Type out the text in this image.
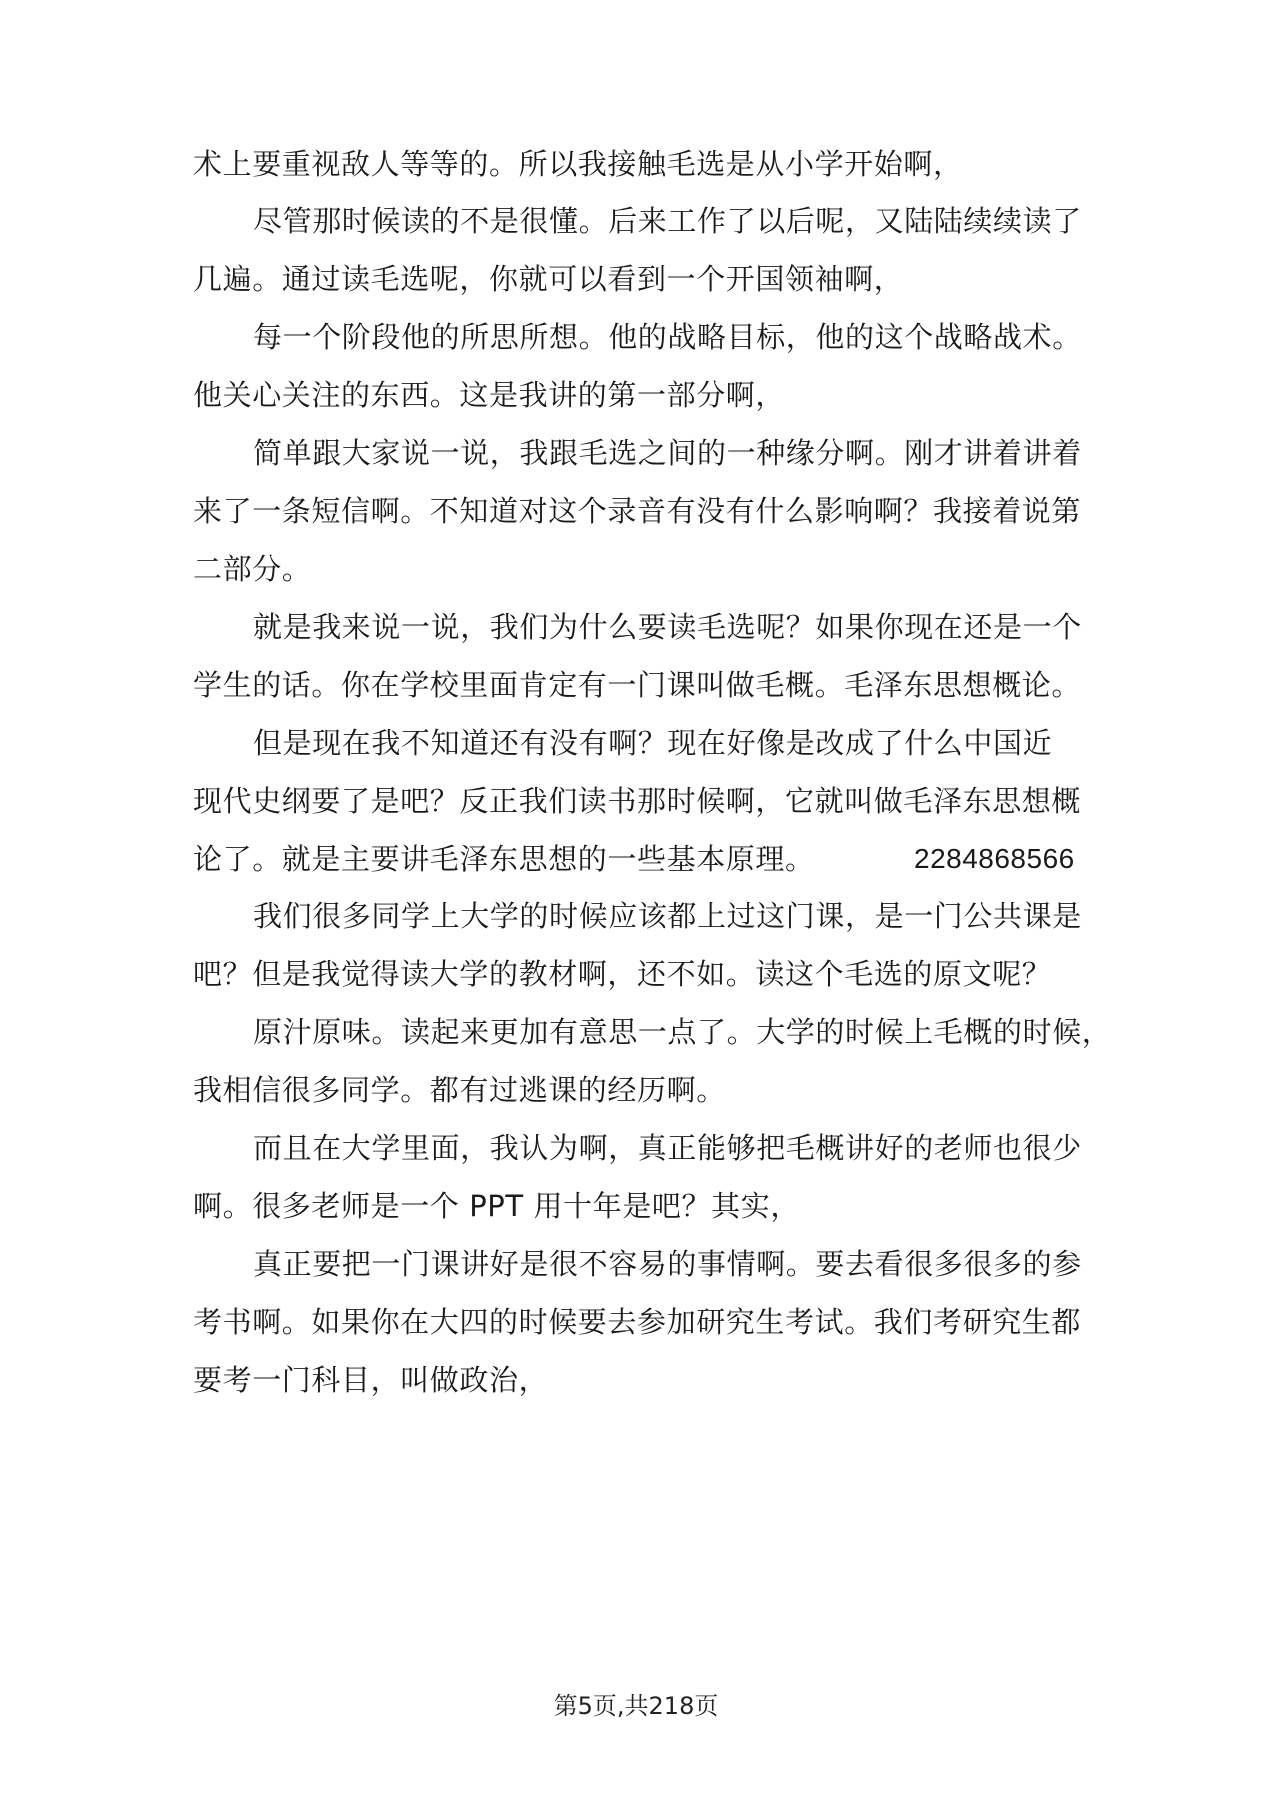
术上要重视敌人等等的。所以我接触毛选是从小学开始啊，
尽管那时候读的不是很懂。后来工作了以后呢，又陆陆续续读了
几遍。通过读毛选呢，你就可以看到一个开国领袖啊，
每一个阶段他的所思所想。他的战略目标，他的这个战略战术。
他关心关注的东西。这是我讲的第一部分啊，
简单跟大家说一说，我跟毛选之间的一种缘分啊。刚才讲着讲着
来了一条短信啊。不知道对这个录音有没有什么影响啊？我接着说第
二部分。
就是我来说一说，我们为什么要读毛选呢？如果你现在还是一个
学生的话。你在学校里面肯定有一门课叫做毛概。毛泽东思想概论。
但是现在我不知道还有没有啊？现在好像是改成了什么中国近
现代史纲要了是吧？反正我们读书那时候啊，它就叫做毛泽东思想概
论了。就是主要讲毛泽东思想的一些基本原理。	2284868566
我们很多同学上大学的时候应该都上过这门课，是一门公共课是
吧？但是我觉得读大学的教材啊，还不如。读这个毛选的原文呢？
原汁原味。读起来更加有意思一点了。大学的时候上毛概的时候，
我相信很多同学。都有过逃课的经历啊。
而且在大学里面，我认为啊，真正能够把毛概讲好的老师也很少
啊。很多老师是一个 PPT 用十年是吧？其实，
真正要把一门课讲好是很不容易的事情啊。要去看很多很多的参
考书啊。如果你在大四的时候要去参加研究生考试。我们考研究生都
要考一门科目，叫做政治，
第5页,共218页
